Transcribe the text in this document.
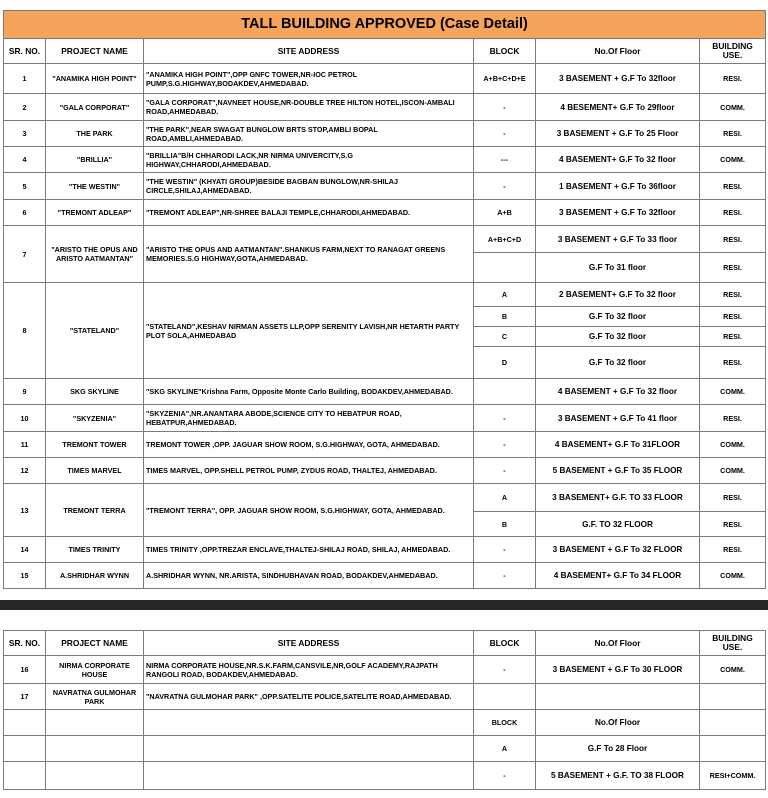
TALL BUILDING APPROVED (Case Detail)					
SR. NO.	PROJECT NAME	SITE ADDRESS	BLOCK	No.Of Floor	BUILDING USE.
1	"ANAMIKA HIGH POINT"	"ANAMIKA HIGH POINT",OPP GNFC TOWER,NR-IOC PETROL PUMP,S.G.HIGHWAY,BODAKDEV,AHMEDABAD.	A+B+C+D+E	3 BASEMENT + G.F To 32floor	RESI.
2	"GALA CORPORAT"	"GALA CORPORAT",NAVNEET HOUSE,NR-DOUBLE TREE HILTON HOTEL,ISCON-AMBALI ROAD,AHMEDABAD.	-	4 BESEMENT+ G.F To 29floor	COMM.
3	THE PARK	"THE PARK",NEAR SWAGAT BUNGLOW BRTS STOP,AMBLI BOPAL ROAD,AMBLI,AHMEDABAD.	-	3 BASEMENT + G.F To 25 Floor	RESI.
4	"BRILLIA"	"BRILLIA"B/H CHHARODI LACK,NR NIRMA UNIVERCITY,S.G HIGHWAY,CHHARODI,AHMEDABAD.	---	4 BASEMENT+ G.F To 32 floor	COMM.
5	"THE WESTIN"	"THE WESTIN" (KHYATI GROUP)BESIDE BAGBAN BUNGLOW,NR-SHILAJ CIRCLE,SHILAJ,AHMEDABAD.	-	1 BASEMENT + G.F To 36floor	RESI.
6	"TREMONT ADLEAP"	"TREMONT ADLEAP",NR-SHREE BALAJI TEMPLE,CHHARODI,AHMEDABAD.	A+B	3 BASEMENT + G.F To 32floor	RESI.
7	"ARISTO THE OPUS AND ARISTO AATMANTAN"	"ARISTO THE OPUS AND AATMANTAN".SHANKUS FARM,NEXT TO RANAGAT GREENS MEMORIES.S.G HIGHWAY,GOTA,AHMEDABAD.	A+B+C+D	3 BASEMENT + G.F To 33 floor	RESI.
				G.F To 31 floor	RESI.
8	"STATELAND"	"STATELAND",KESHAV NIRMAN ASSETS LLP,OPP SERENITY LAVISH,NR HETARTH PARTY PLOT SOLA,AHMEDABAD	A	2 BASEMENT+ G.F To 32 floor	RESI.
			B	G.F To 32 floor	RESI.
			C	G.F To 32 floor	RESI.
			D	G.F To 32 floor	RESI.
9	SKG SKYLINE	"SKG SKYLINE"Krishna Farm, Opposite Monte Carlo Building, BODAKDEV,AHMEDABAD.		4 BASEMENT + G.F To 32 floor	COMM.
10	"SKYZENIA"	"SKYZENIA",NR.ANANTARA ABODE,SCIENCE CITY TO HEBATPUR ROAD, HEBATPUR,AHMEDABAD.	-	3 BASEMENT + G.F To 41 floor	RESI.
11	TREMONT TOWER	TREMONT TOWER ,OPP. JAGUAR SHOW ROOM, S.G.HIGHWAY, GOTA, AHMEDABAD.	-	4 BASEMENT+ G.F To 31FLOOR	COMM.
12	TIMES MARVEL	TIMES MARVEL, OPP.SHELL PETROL PUMP, ZYDUS ROAD, THALTEJ, AHMEDABAD.	-	5 BASEMENT + G.F To 35 FLOOR	COMM.
13	TREMONT TERRA	"TREMONT TERRA", OPP. JAGUAR SHOW ROOM, S.G.HIGHWAY, GOTA, AHMEDABAD.	A	3 BASEMENT+ G.F. TO 33 FLOOR	RESI.
			B	G.F. TO 32 FLOOR	RESI.
14	TIMES TRINITY	TIMES TRINITY ,OPP.TREZAR ENCLAVE,THALTEJ-SHILAJ ROAD, SHILAJ, AHMEDABAD.	-	3 BASEMENT + G.F To 32 FLOOR	RESI.
15	A.SHRIDHAR WYNN	A.SHRIDHAR WYNN, NR.ARISTA, SINDHUBHAVAN ROAD, BODAKDEV,AHMEDABAD.	-	4 BASEMENT+ G.F To 34 FLOOR	COMM.
SR. NO.	PROJECT NAME	SITE ADDRESS	BLOCK	No.Of Floor	BUILDING USE.
16	NIRMA CORPORATE HOUSE	NIRMA CORPORATE HOUSE,NR.S.K.FARM,CANSVILE,NR,GOLF ACADEMY,RAJPATH RANGOLI ROAD, BODAKDEV,AHMEDABAD.	-	3 BASEMENT + G.F To 30 FLOOR	COMM.
17	NAVRATNA GULMOHAR PARK	"NAVRATNA GULMOHAR PARK" ,OPP.SATELITE POLICE,SATELITE ROAD,AHMEDABAD.			
			BLOCK	No.Of Floor	
			A	G.F To 28 Floor	
			-	5 BASEMENT + G.F. TO 38 FLOOR	RESI+COMM.
